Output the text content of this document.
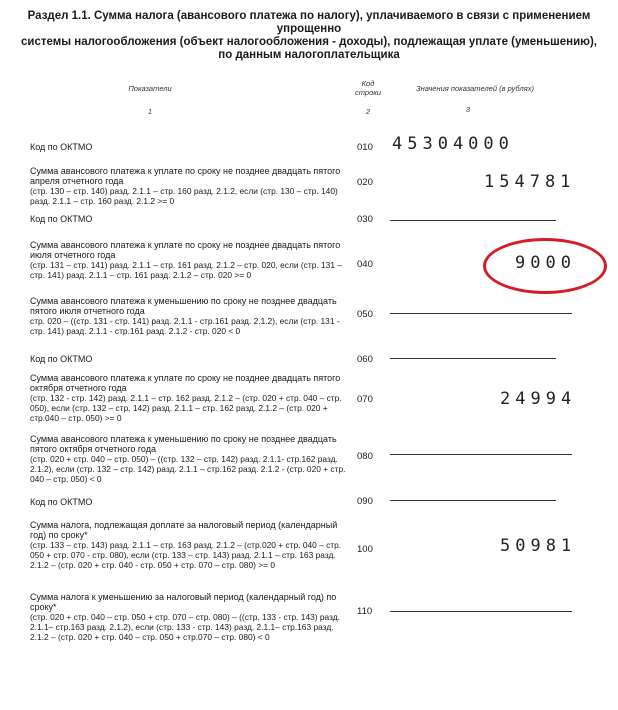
Раздел 1.1. Сумма налога (авансового платежа по налогу), уплачиваемого в связи с применением упрощенно
системы налогообложения (объект налогообложения - доходы), подлежащая уплате (уменьшению),
по данным налогоплательщика
Показатели
Код
строки	Значения показателей (в рублях)
1	2	3
Код по ОКТМО	010	45304000
Сумма авансового платежа к уплате по сроку не позднее двадцать пятого апреля отчетного года
(стр. 130 – стр. 140) разд. 2.1.1 – стр. 160 разд. 2.1.2, если (стр. 130 – стр. 140) разд. 2.1.1 – стр. 160 разд. 2.1.2 >= 0
020	154781
Код по ОКТМО	030
Сумма авансового платежа к уплате по сроку не позднее двадцать пятого июля отчетного года
(стр. 131 – стр. 141) разд. 2.1.1 – стр. 161 разд. 2.1.2 – стр. 020, если (стр. 131 – стр. 141) разд. 2.1.1 – стр. 161 разд. 2.1.2 – стр. 020 >= 0
040	9000
Сумма авансового платежа к уменьшению по сроку не позднее двадцать пятого июля отчетного года
стр. 020 – ((стр. 131 - стр. 141) разд. 2.1.1 - стр.161 разд. 2.1.2), если (стр. 131 - стр. 141) разд. 2.1.1 - стр.161 разд. 2.1.2 - стр. 020 < 0
050
Код по ОКТМО	060
Сумма авансового платежа к уплате по сроку не позднее двадцать пятого октября отчетного года
(стр. 132 - стр. 142) разд. 2.1.1 – стр. 162 разд. 2.1.2 – (стр. 020 + стр. 040 – стр. 050), если (стр. 132 – стр. 142) разд. 2.1.1 – стр. 162 разд. 2.1.2 – (стр. 020 + стр.040 – стр. 050) >= 0
070	24994
Сумма авансового платежа к уменьшению по сроку не позднее двадцать пятого октября отчетного года
(стр. 020 + стр. 040 – стр. 050) – ((стр. 132 – стр. 142) разд. 2.1.1- стр.162 разд. 2.1.2), если (стр. 132 – стр. 142) разд. 2.1.1 – стр.162 разд. 2.1.2 - (стр. 020 + стр. 040 – стр. 050) < 0
080
Код по ОКТМО	090
Сумма налога, подлежащая доплате за налоговый период (календарный год) по сроку*
(стр. 133 – стр. 143) разд. 2.1.1 – стр. 163 разд. 2.1.2 – (стр.020 + стр. 040 – стр. 050 + стр. 070 - стр. 080), если (стр. 133 – стр. 143) разд. 2.1.1 – стр. 163 разд. 2.1.2 – (стр. 020 + стр. 040 - стр. 050 + стр. 070 – стр. 080) >= 0
100	50981
Сумма налога к уменьшению за налоговый период (календарный год) по сроку*
(стр. 020 + стр. 040 – стр. 050 + стр. 070 – стр. 080) – ((стр. 133 - стр. 143) разд. 2.1.1– стр.163 разд. 2.1.2), если (стр. 133 - стр. 143) разд. 2.1.1– стр.163 разд. 2.1.2 – (стр. 020 + стр. 040 – стр. 050 + стр.070 – стр. 080) < 0
110
